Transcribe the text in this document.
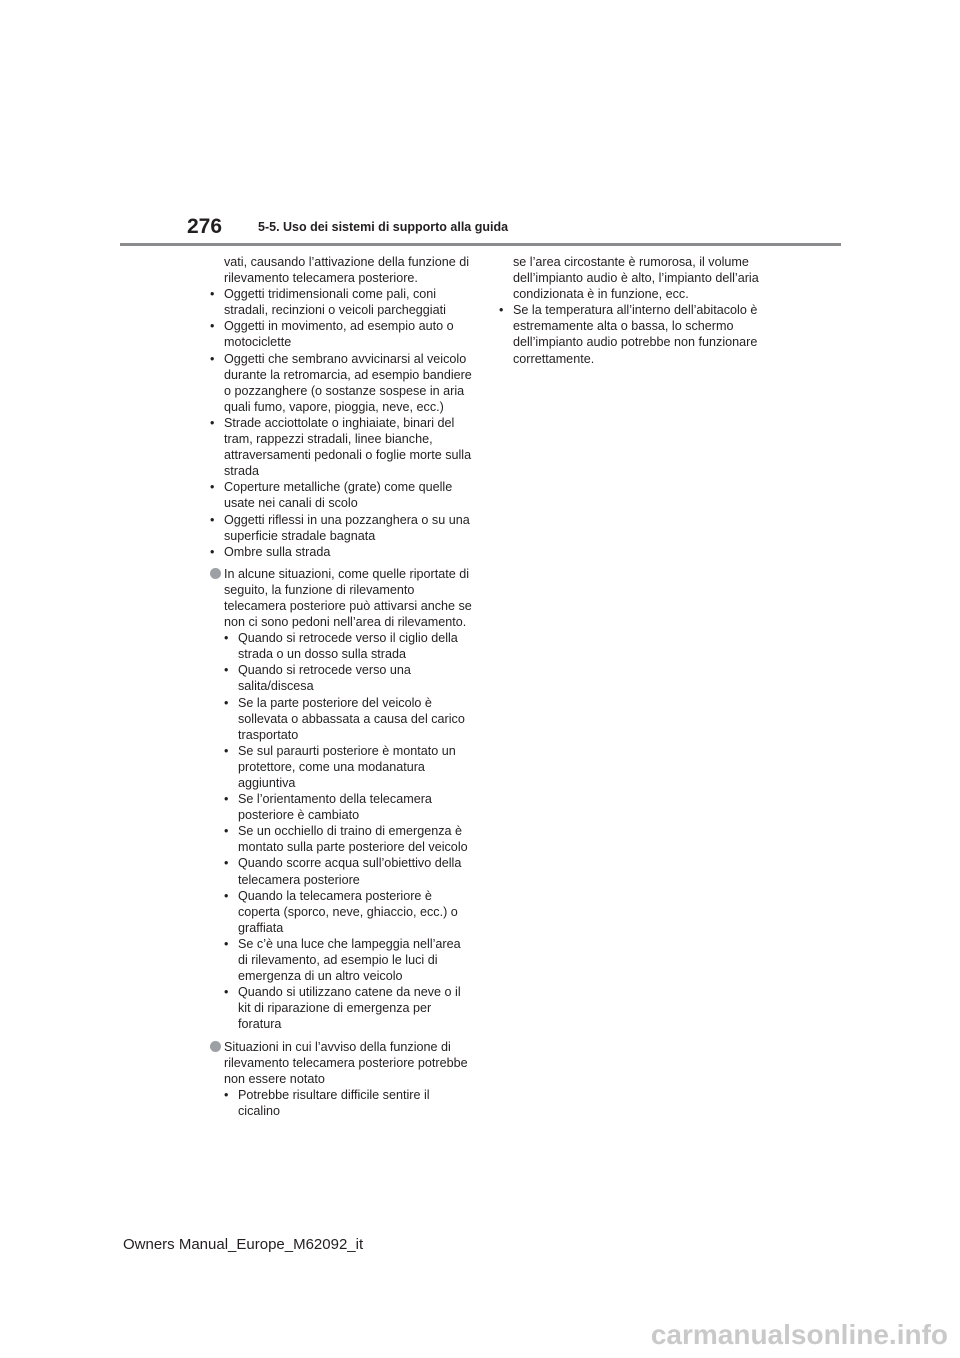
276	5-5. Uso dei sistemi di supporto alla guida
vati, causando l’attivazione della funzione di rilevamento telecamera posteriore.
• Oggetti tridimensionali come pali, coni stradali, recinzioni o veicoli parcheggiati
• Oggetti in movimento, ad esempio auto o motociclette
• Oggetti che sembrano avvicinarsi al veicolo durante la retromarcia, ad esempio bandiere o pozzanghere (o sostanze sospese in aria quali fumo, vapore, pioggia, neve, ecc.)
• Strade acciottolate o inghiaiate, binari del tram, rappezzi stradali, linee bianche, attraversamenti pedonali o foglie morte sulla strada
• Coperture metalliche (grate) come quelle usate nei canali di scolo
• Oggetti riflessi in una pozzanghera o su una superficie stradale bagnata
• Ombre sulla strada
In alcune situazioni, come quelle riportate di seguito, la funzione di rilevamento telecamera posteriore può attivarsi anche se non ci sono pedoni nell’area di rilevamento.
• Quando si retrocede verso il ciglio della strada o un dosso sulla strada
• Quando si retrocede verso una salita/discesa
• Se la parte posteriore del veicolo è sollevata o abbassata a causa del carico trasportato
• Se sul paraurti posteriore è montato un protettore, come una modanatura aggiuntiva
• Se l’orientamento della telecamera posteriore è cambiato
• Se un occhiello di traino di emergenza è montato sulla parte posteriore del veicolo
• Quando scorre acqua sull’obiettivo della telecamera posteriore
• Quando la telecamera posteriore è coperta (sporco, neve, ghiaccio, ecc.) o graffiata
• Se c’è una luce che lampeggia nell’area di rilevamento, ad esempio le luci di emergenza di un altro veicolo
• Quando si utilizzano catene da neve o il kit di riparazione di emergenza per foratura
Situazioni in cui l’avviso della funzione di rilevamento telecamera posteriore potrebbe non essere notato
• Potrebbe risultare difficile sentire il cicalino
se l’area circostante è rumorosa, il volume dell’impianto audio è alto, l’impianto dell’aria condizionata è in funzione, ecc.
• Se la temperatura all’interno dell’abitacolo è estremamente alta o bassa, lo schermo dell’impianto audio potrebbe non funzionare correttamente.
Owners Manual_Europe_M62092_it
carmanualsonline.info
